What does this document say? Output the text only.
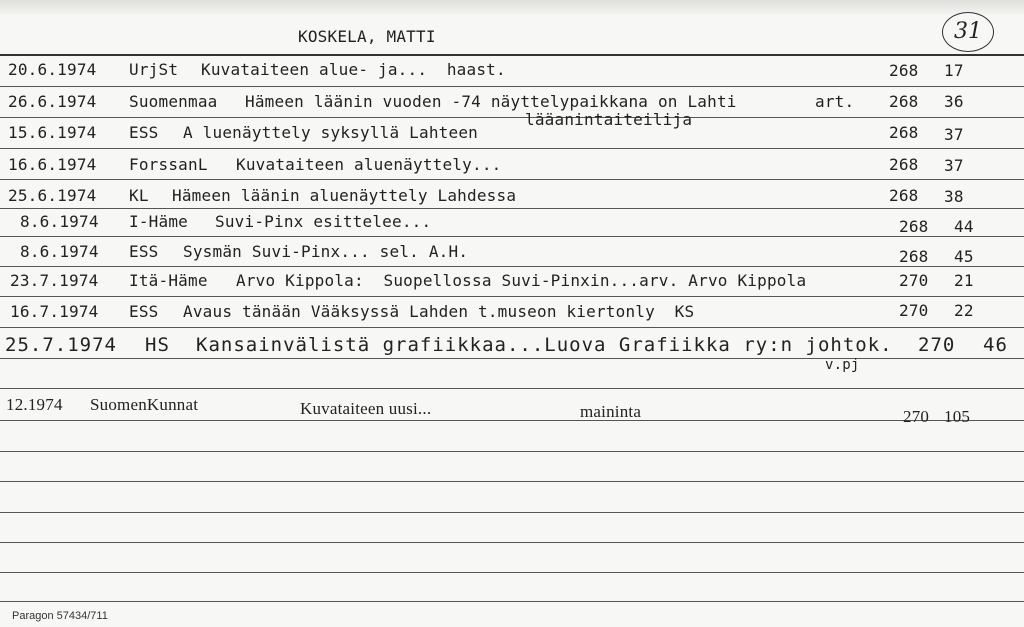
KOSKELA, MATTI	31
20.6.1974 UrjSt Kuvataiteen alue- ja...  haast.	268 17
26.6.1974 Suomenmaa Hämeen läänin vuoden -74 näyttelypaikkana on Lahti	art. 268 36
lääanintaiteilija
15.6.1974 ESS A luenäyttely syksyllä Lahteen	268 37
16.6.1974 ForssanL Kuvataiteen aluenäyttely...	268 37
25.6.1974 KL Hämeen läänin aluenäyttely Lahdessa	268 38
8.6.1974 I-Häme Suvi-Pinx esittelee...	268 44
8.6.1974 ESS Sysmän Suvi-Pinx... sel. A.H.	268 45
23.7.1974 Itä-Häme Arvo Kippola:  Suopellossa Suvi-Pinxin...arv. Arvo Kippola	270 21
16.7.1974 ESS Avaus tänään Vääksyssä Lahden t.museon kiertonly  KS	270 22
25.7.1974 HS Kansainvälistä grafiikkaa...Luova Grafiikka ry:n johtok. 270 46
v.pj
12.1974 SuomenKunnat	Kuvataiteen uusi...	maininta	270 105
Paragon 57434/711
